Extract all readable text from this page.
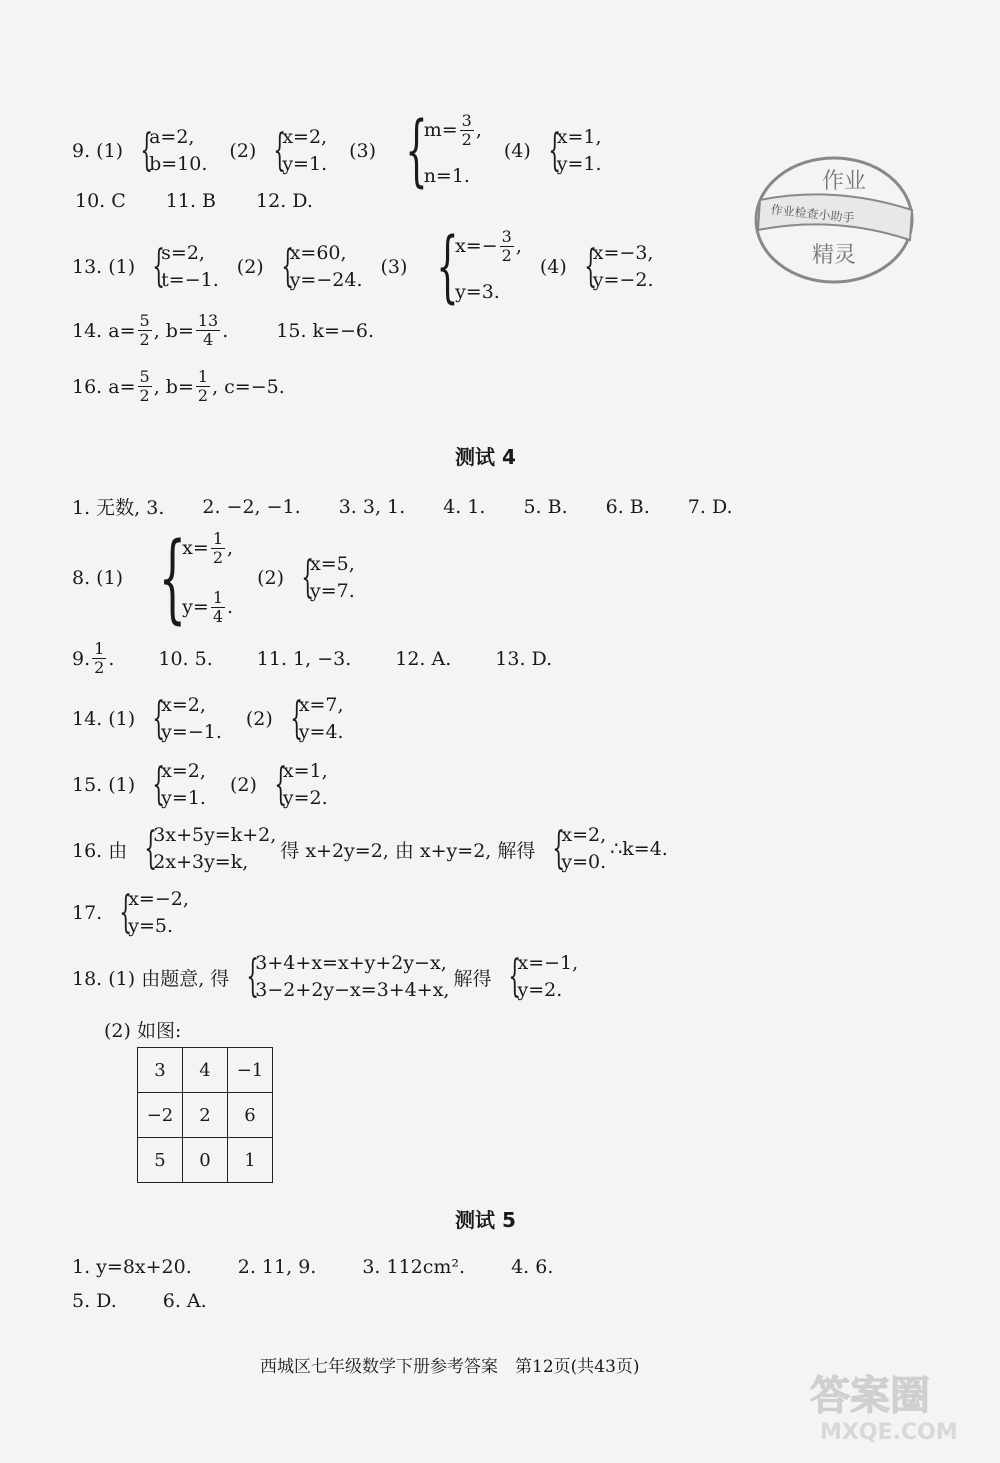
9. (1) {
a=2,
b=10.
(2) {
x=2,
y=1.
(3) {
$m= \frac{3}{2}$ ,
n=1.
(4) {
x=1,
y=1.
10. C 11. B 12. D.
13. (1) {
s=2,
t=−1.
(2) {
x=60,
y=−24.
(3) {
$x=- \frac{3}{2}$ ,
y=3.
(4) {
x=−3,
y=−2.
14. $a= \frac{5}{2}$ , $b= \frac{13}{4}$ .	15. k=−6.
16. $a= \frac{5}{2}$ , $b= \frac{1}{2}$ , c=−5.
测试 4
1. 无数, 3. 2. −2, −1. 3. 3, 1. 4. 1. 5. B. 6. B. 7. D.
8. (1) {
$x= \frac{1}{2}$ ,
$y= \frac{1}{4}$ .
(2) {
x=5,
y=7.
9. $\frac{1}{2}$ . 10. 5. 11. 1, −3. 12. A. 13. D.
14. (1) {
x=2,
y=−1.
(2) {
x=7,
y=4.
15. (1) {
x=2,
y=1.
(2) {
x=1,
y=2.
16. 由 {
3x+5y=k+2,
2x+3y=k,
得 x+2y=2, 由 x+y=2, 解得 {
x=2,
y=0.
∴k=4.
17. {
x=−2,
y=5.
18. (1) 由题意, 得 {
3+4+x=x+y+2y−x,
3−2+2y−x=3+4+x,
解得 {
x=−1,
y=2.
(2) 如图:
3	4	−1
−2	2	6
5	0	1
测试 5
1. y=8x+20. 2. 11, 9. 3. 112cm². 4. 6.
5. D. 6. A.
西城区七年级数学下册参考答案　第12页(共43页)
作业
作业检查小助手
精灵
答案圈
MXQE.COM
